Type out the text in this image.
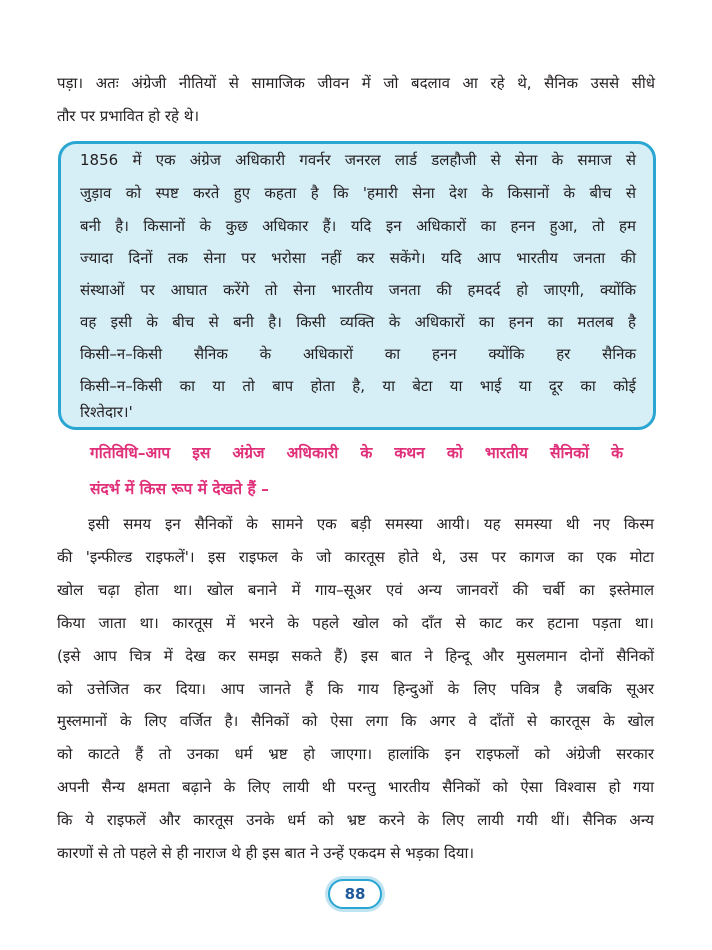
पड़ा। अतः अंग्रेजी नीतियों से सामाजिक जीवन में जो बदलाव आ रहे थे, सैनिक उससे सीधे

तौर पर प्रभावित हो रहे थे।

1856 में एक अंग्रेज अधिकारी गवर्नर जनरल लार्ड डलहौजी से सेना के समाज से

जुड़ाव को स्पष्ट करते हुए कहता है कि 'हमारी सेना देश के किसानों के बीच से

बनी है। किसानों के कुछ अधिकार हैं। यदि इन अधिकारों का हनन हुआ, तो हम

ज्यादा दिनों तक सेना पर भरोसा नहीं कर सकेंगे। यदि आप भारतीय जनता की

संस्थाओं पर आघात करेंगे तो सेना भारतीय जनता की हमदर्द हो जाएगी, क्योंकि

वह इसी के बीच से बनी है। किसी व्यक्ति के अधिकारों का हनन का मतलब है

किसी–न–किसी सैनिक के अधिकारों का हनन क्योंकि हर सैनिक

किसी–न–किसी का या तो बाप होता है, या बेटा या भाई या दूर का कोई

रिश्तेदार।'

गतिविधि–आप इस अंग्रेज अधिकारी के कथन को भारतीय सैनिकों के

संदर्भ में किस रूप में देखते हैं –

इसी समय इन सैनिकों के सामने एक बड़ी समस्या आयी। यह समस्या थी नए किस्म

की 'इन्फील्ड राइफलें'। इस राइफल के जो कारतूस होते थे, उस पर कागज का एक मोटा

खोल चढ़ा होता था। खोल बनाने में गाय–सूअर एवं अन्य जानवरों की चर्बी का इस्तेमाल

किया जाता था। कारतूस में भरने के पहले खोल को दाँत से काट कर हटाना पड़ता था।

(इसे आप चित्र में देख कर समझ सकते हैं) इस बात ने हिन्दू और मुसलमान दोनों सैनिकों

को उत्तेजित कर दिया। आप जानते हैं कि गाय हिन्दुओं के लिए पवित्र है जबकि सूअर

मुस्लमानों के लिए वर्जित है। सैनिकों को ऐसा लगा कि अगर वे दाँतों से कारतूस के खोल

को काटते हैं तो उनका धर्म भ्रष्ट हो जाएगा। हालांकि इन राइफलों को अंग्रेजी सरकार

अपनी सैन्य क्षमता बढ़ाने के लिए लायी थी परन्तु भारतीय सैनिकों को ऐसा विश्वास हो गया

कि ये राइफलें और कारतूस उनके धर्म को भ्रष्ट करने के लिए लायी गयी थीं। सैनिक अन्य

कारणों से तो पहले से ही नाराज थे ही इस बात ने उन्हें एकदम से भड़का दिया।

88
